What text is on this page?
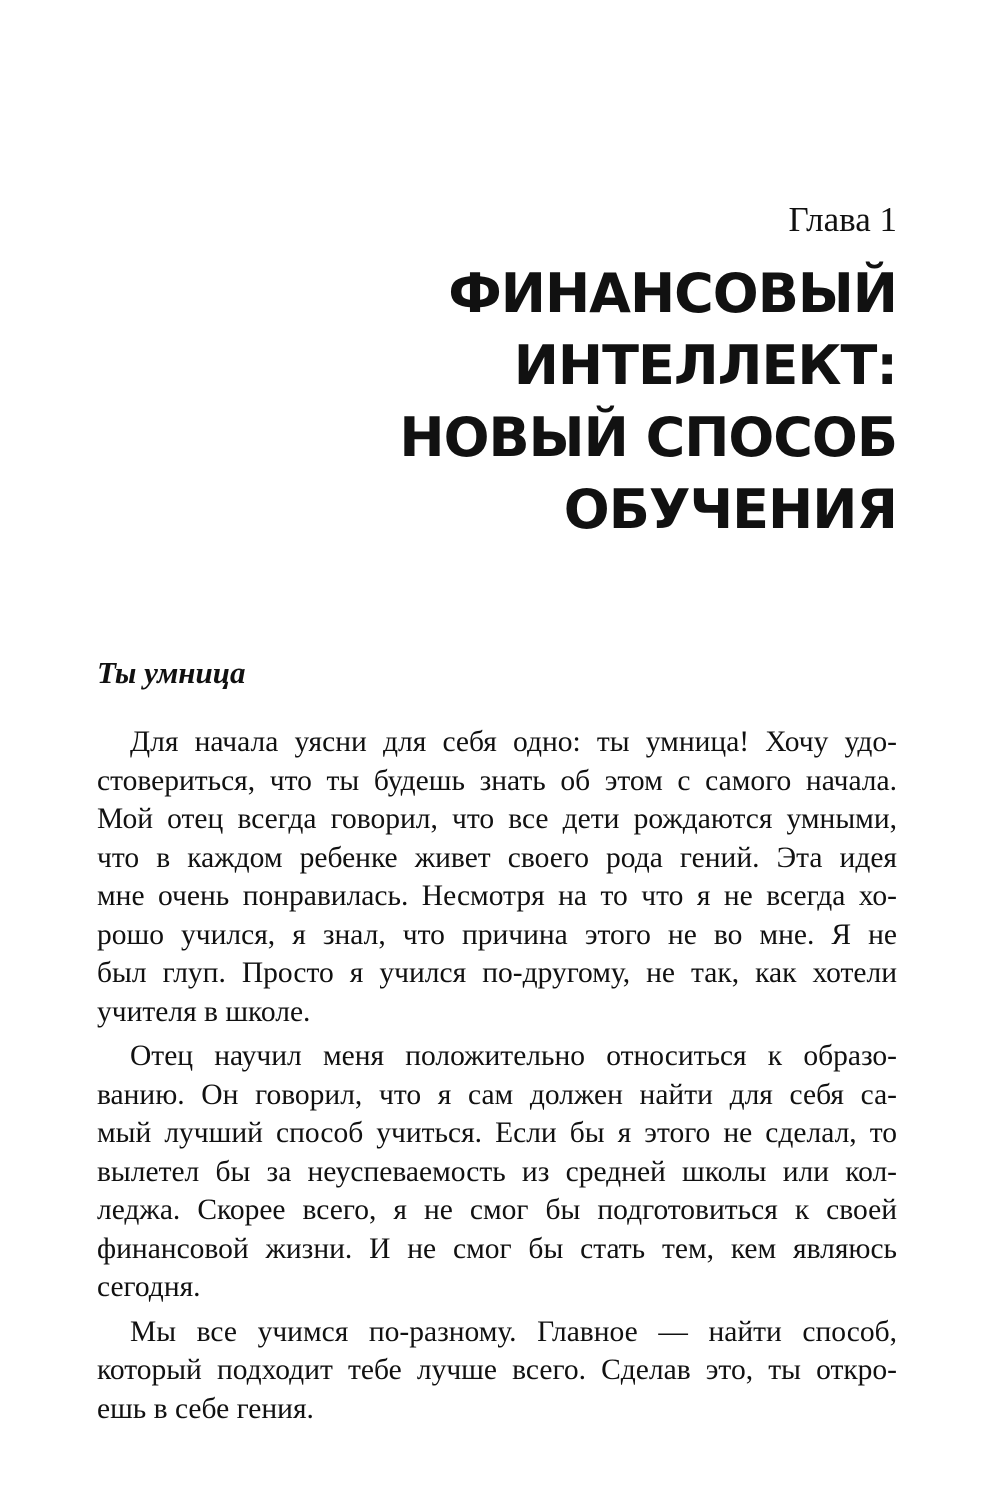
Глава 1
ФИНАНСОВЫЙ
ИНТЕЛЛЕКТ:
НОВЫЙ СПОСОБ
ОБУЧЕНИЯ
Ты умница
Для начала уясни для себя одно: ты умница! Хочу удо-
стовериться, что ты будешь знать об этом с самого начала.
Мой отец всегда говорил, что все дети рождаются умными,
что в каждом ребенке живет своего рода гений. Эта идея
мне очень понравилась. Несмотря на то что я не всегда хо-
рошо учился, я знал, что причина этого не во мне. Я не
был глуп. Просто я учился по-другому, не так, как хотели
учителя в школе.
Отец научил меня положительно относиться к образо-
ванию. Он говорил, что я сам должен найти для себя са-
мый лучший способ учиться. Если бы я этого не сделал, то
вылетел бы за неуспеваемость из средней школы или кол-
леджа. Скорее всего, я не смог бы подготовиться к своей
финансовой жизни. И не смог бы стать тем, кем являюсь
сегодня.
Мы все учимся по-разному. Главное — найти способ,
который подходит тебе лучше всего. Сделав это, ты откро-
ешь в себе гения.
